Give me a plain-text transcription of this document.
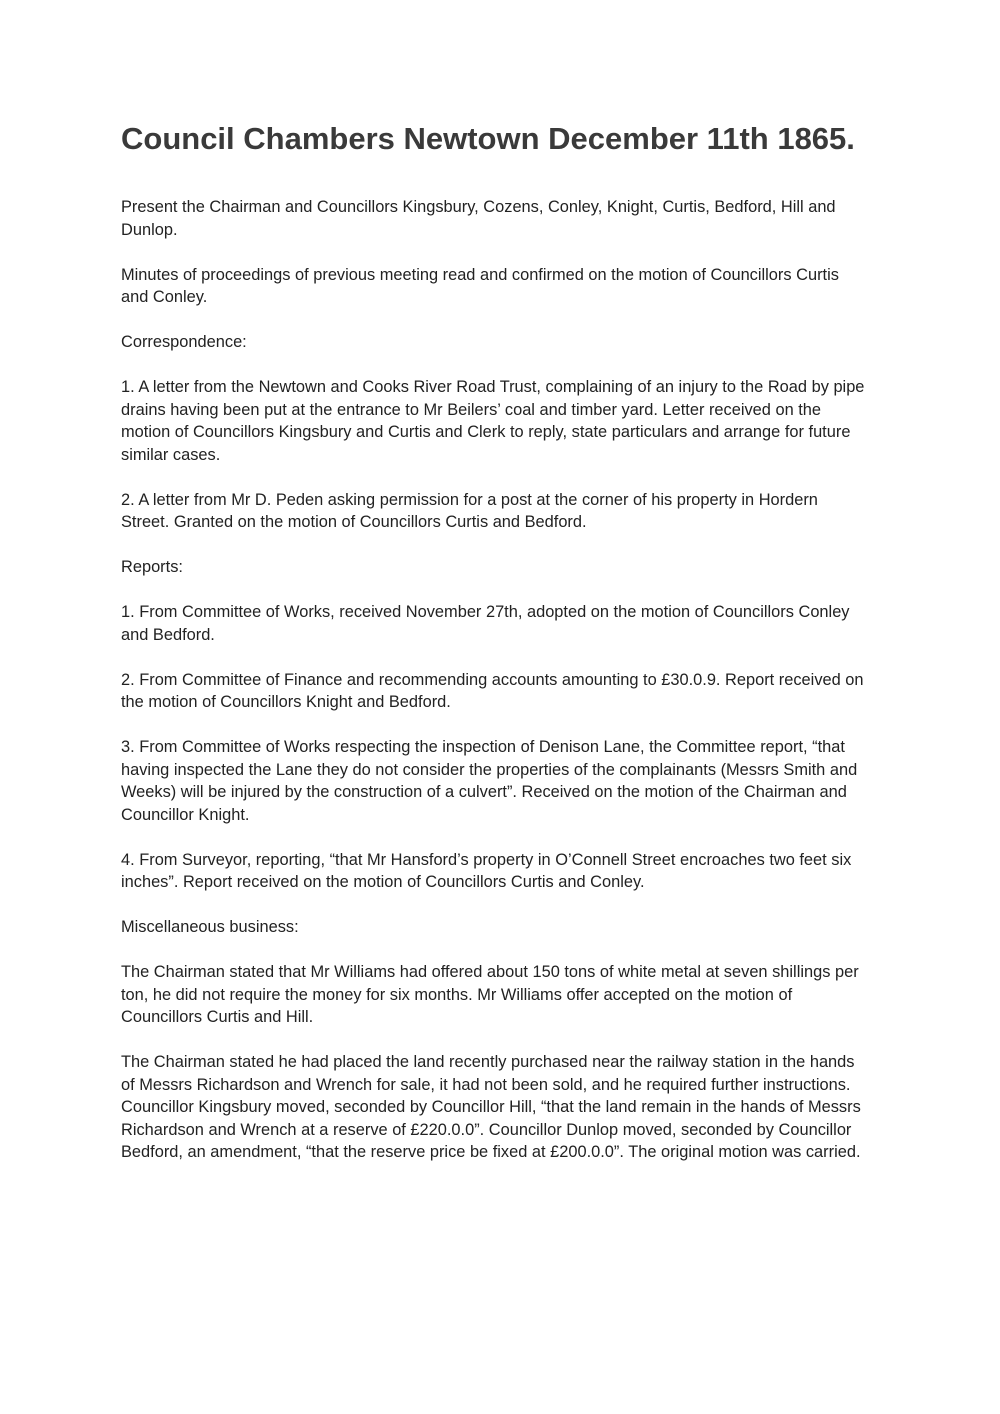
Council Chambers Newtown December 11th 1865.

Present the Chairman and Councillors Kingsbury, Cozens, Conley, Knight, Curtis, Bedford, Hill and Dunlop.

Minutes of proceedings of previous meeting read and confirmed on the motion of Councillors Curtis and Conley.

Correspondence:

1. A letter from the Newtown and Cooks River Road Trust, complaining of an injury to the Road by pipe drains having been put at the entrance to Mr Beilers’ coal and timber yard. Letter received on the motion of Councillors Kingsbury and Curtis and Clerk to reply, state particulars and arrange for future similar cases.

2. A letter from Mr D. Peden asking permission for a post at the corner of his property in Hordern Street. Granted on the motion of Councillors Curtis and Bedford.

Reports:

1. From Committee of Works, received November 27th, adopted on the motion of Councillors Conley and Bedford.

2. From Committee of Finance and recommending accounts amounting to £30.0.9. Report received on the motion of Councillors Knight and Bedford.

3. From Committee of Works respecting the inspection of Denison Lane, the Committee report, “that having inspected the Lane they do not consider the properties of the complainants (Messrs Smith and Weeks) will be injured by the construction of a culvert”. Received on the motion of the Chairman and Councillor Knight.

4. From Surveyor, reporting, “that Mr Hansford’s property in O’Connell Street encroaches two feet six inches”. Report received on the motion of Councillors Curtis and Conley.

Miscellaneous business:

The Chairman stated that Mr Williams had offered about 150 tons of white metal at seven shillings per ton, he did not require the money for six months. Mr Williams offer accepted on the motion of Councillors Curtis and Hill.

The Chairman stated he had placed the land recently purchased near the railway station in the hands of Messrs Richardson and Wrench for sale, it had not been sold, and he required further instructions. Councillor Kingsbury moved, seconded by Councillor Hill, “that the land remain in the hands of Messrs Richardson and Wrench at a reserve of £220.0.0”. Councillor Dunlop moved, seconded by Councillor Bedford, an amendment, “that the reserve price be fixed at £200.0.0”. The original motion was carried.
